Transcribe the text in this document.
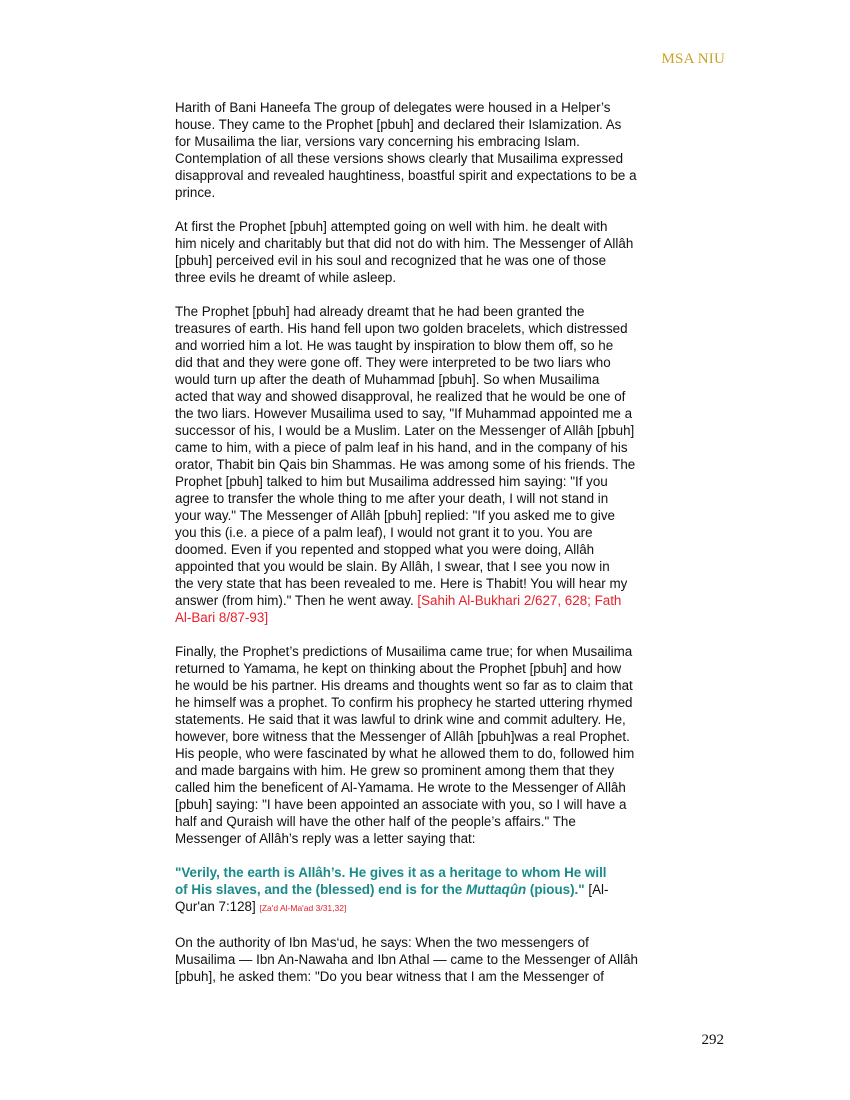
MSA NIU

Harith of Bani Haneefa The group of delegates were housed in a Helper’s
house. They came to the Prophet [pbuh] and declared their Islamization. As
for Musailima the liar, versions vary concerning his embracing Islam.
Contemplation of all these versions shows clearly that Musailima expressed
disapproval and revealed haughtiness, boastful spirit and expectations to be a
prince.

At first the Prophet [pbuh] attempted going on well with him. he dealt with
him nicely and charitably but that did not do with him. The Messenger of Allâh
[pbuh] perceived evil in his soul and recognized that he was one of those
three evils he dreamt of while asleep.

The Prophet [pbuh] had already dreamt that he had been granted the
treasures of earth. His hand fell upon two golden bracelets, which distressed
and worried him a lot. He was taught by inspiration to blow them off, so he
did that and they were gone off. They were interpreted to be two liars who
would turn up after the death of Muhammad [pbuh]. So when Musailima
acted that way and showed disapproval, he realized that he would be one of
the two liars. However Musailima used to say, "If Muhammad appointed me a
successor of his, I would be a Muslim. Later on the Messenger of Allâh [pbuh]
came to him, with a piece of palm leaf in his hand, and in the company of his
orator, Thabit bin Qais bin Shammas. He was among some of his friends. The
Prophet [pbuh] talked to him but Musailima addressed him saying: "If you
agree to transfer the whole thing to me after your death, I will not stand in
your way." The Messenger of Allâh [pbuh] replied: "If you asked me to give
you this (i.e. a piece of a palm leaf), I would not grant it to you. You are
doomed. Even if you repented and stopped what you were doing, Allâh
appointed that you would be slain. By Allâh, I swear, that I see you now in
the very state that has been revealed to me. Here is Thabit! You will hear my
answer (from him)." Then he went away. [Sahih Al-Bukhari 2/627, 628; Fath
Al-Bari 8/87-93]

Finally, the Prophet’s predictions of Musailima came true; for when Musailima
returned to Yamama, he kept on thinking about the Prophet [pbuh] and how
he would be his partner. His dreams and thoughts went so far as to claim that
he himself was a prophet. To confirm his prophecy he started uttering rhymed
statements. He said that it was lawful to drink wine and commit adultery. He,
however, bore witness that the Messenger of Allâh [pbuh]was a real Prophet.
His people, who were fascinated by what he allowed them to do, followed him
and made bargains with him. He grew so prominent among them that they
called him the beneficent of Al-Yamama. He wrote to the Messenger of Allâh
[pbuh] saying: "I have been appointed an associate with you, so I will have a
half and Quraish will have the other half of the people’s affairs." The
Messenger of Allâh’s reply was a letter saying that:

"Verily, the earth is Allâh’s. He gives it as a heritage to whom He will
of His slaves, and the (blessed) end is for the Muttaqûn (pious)." [Al-
Qur'an 7:128] [Za'd Al-Ma'ad 3/31,32]

On the authority of Ibn Mas‘ud, he says: When the two messengers of
Musailima — Ibn An-Nawaha and Ibn Athal — came to the Messenger of Allâh
[pbuh], he asked them: "Do you bear witness that I am the Messenger of

292
